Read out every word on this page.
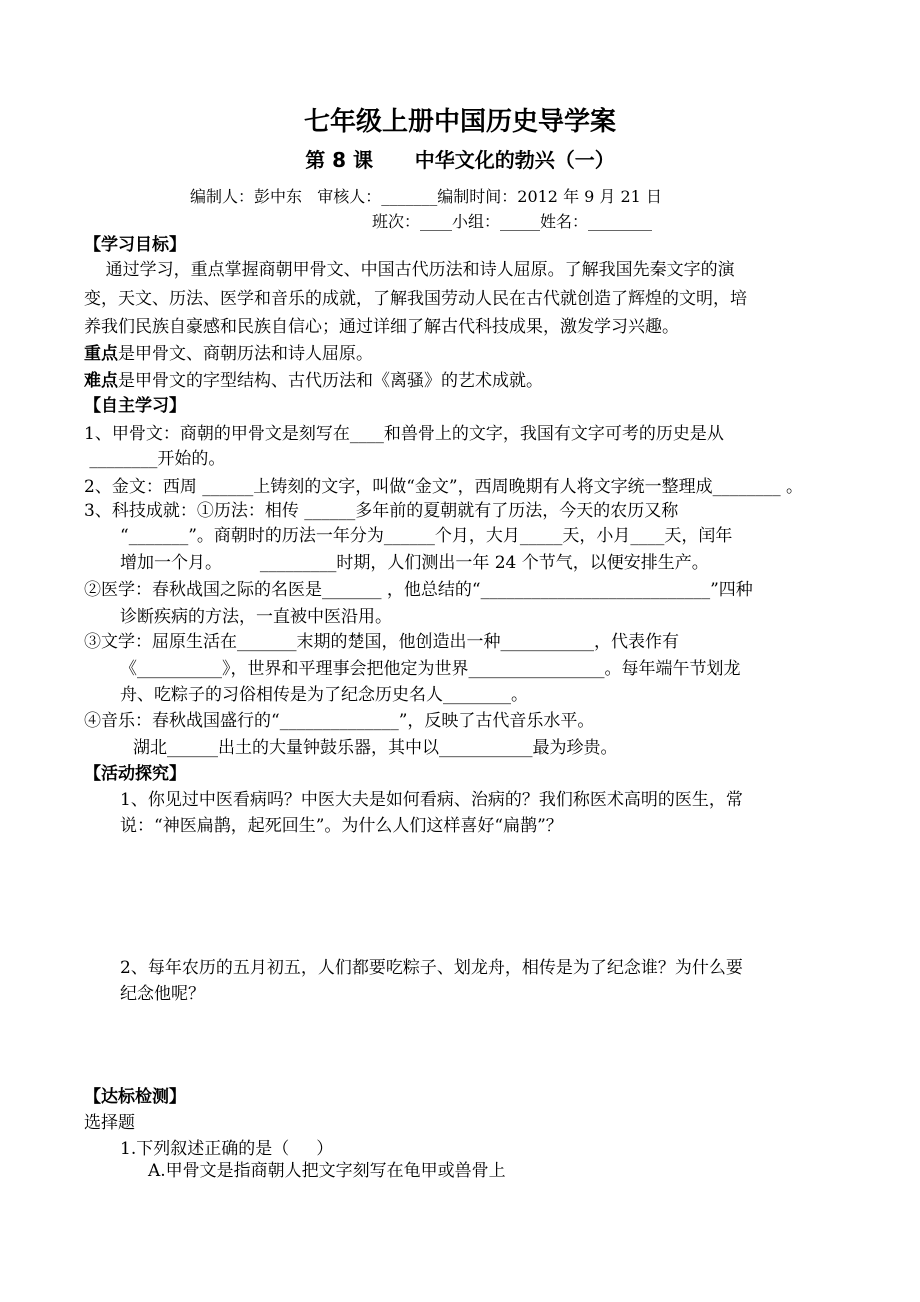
七年级上册中国历史导学案
第 8 课      中华文化的勃兴（一）
编制人：彭中东   审核人：_______编制时间：2012 年 9 月 21 日
班次：____小组：_____姓名：________
【学习目标】
通过学习，重点掌握商朝甲骨文、中国古代历法和诗人屈原。了解我国先秦文字的演
变，天文、历法、医学和音乐的成就，了解我国劳动人民在古代就创造了辉煌的文明，培
养我们民族自豪感和民族自信心；通过详细了解古代科技成果，激发学习兴趣。
重点是甲骨文、商朝历法和诗人屈原。
难点是甲骨文的字型结构、古代历法和《离骚》的艺术成就。
【自主学习】
1、甲骨文：商朝的甲骨文是刻写在____和兽骨上的文字，我国有文字可考的历史是从
________开始的。
2、金文：西周 ______上铸刻的文字，叫做“金文”，西周晚期有人将文字统一整理成________ 。
3、科技成就：①历法：相传 ______多年前的夏朝就有了历法，今天的农历又称
“_______”。商朝时的历法一年分为______个月，大月_____天，小月____天，闰年
增加一个月。       _________时期，人们测出一年 24 个节气，以便安排生产。
②医学：春秋战国之际的名医是_______ ，他总结的“___________________________”四种
诊断疾病的方法，一直被中医沿用。
③文学：屈原生活在_______末期的楚国，他创造出一种___________，代表作有
《__________》，世界和平理事会把他定为世界________________。每年端午节划龙
舟、吃粽子的习俗相传是为了纪念历史名人________。
④音乐：春秋战国盛行的“______________”，反映了古代音乐水平。
湖北______出土的大量钟鼓乐器，其中以___________最为珍贵。
【活动探究】
1、你见过中医看病吗？中医大夫是如何看病、治病的？我们称医术高明的医生，常
说：“神医扁鹊，起死回生”。为什么人们这样喜好“扁鹊”？
2、每年农历的五月初五，人们都要吃粽子、划龙舟，相传是为了纪念谁？为什么要
纪念他呢？
【达标检测】
选择题
1.下列叙述正确的是（     ）
A.甲骨文是指商朝人把文字刻写在龟甲或兽骨上
